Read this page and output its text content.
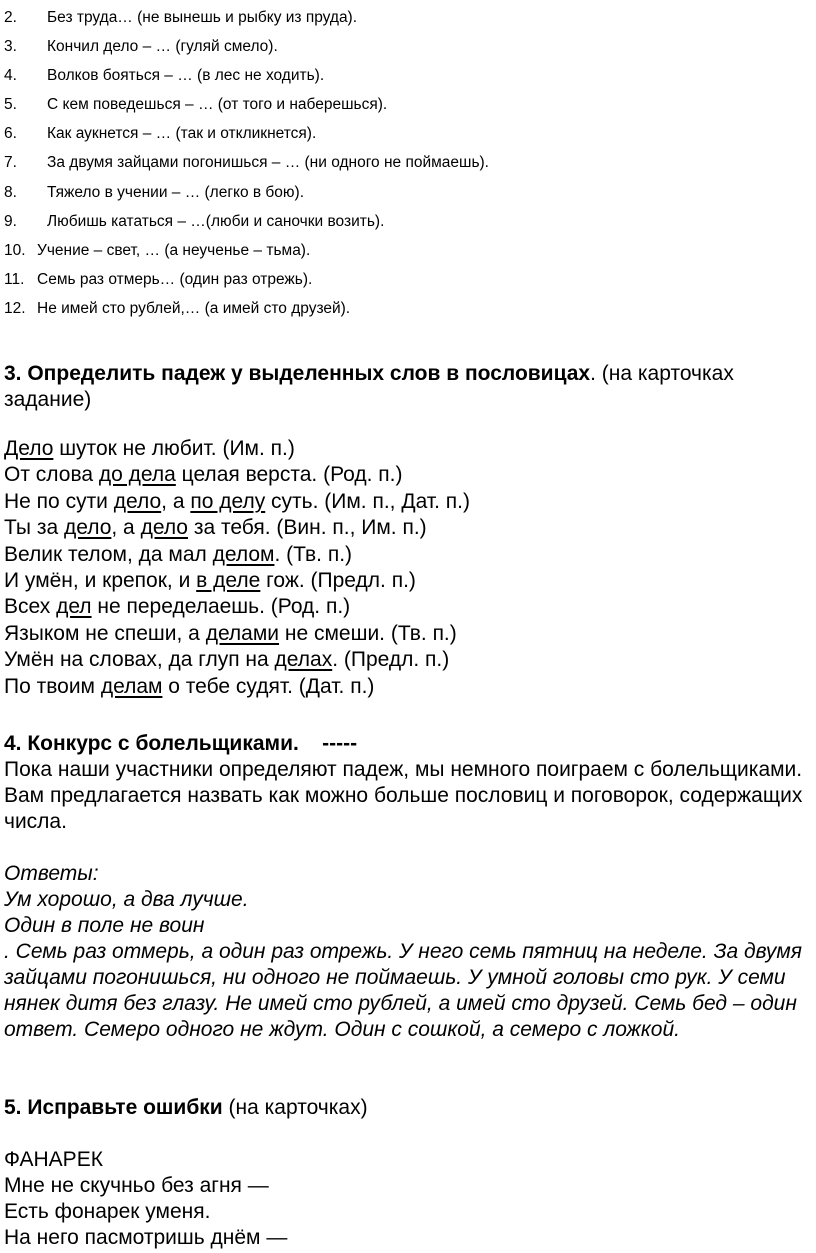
2. Без труда… (не вынешь и рыбку из пруда).
3. Кончил дело – … (гуляй смело).
4. Волков бояться – … (в лес не ходить).
5. С кем поведешься – … (от того и наберешься).
6. Как аукнется – … (так и откликнется).
7. За двумя зайцами погонишься – … (ни одного не поймаешь).
8. Тяжело в учении – … (легко в бою).
9. Любишь кататься – …(люби и саночки возить).
10. Учение – свет, … (а неученье – тьма).
11. Семь раз отмерь… (один раз отрежь).
12. Не имей сто рублей,… (а имей сто друзей).
3. Определить падеж у выделенных слов в пословицах. (на карточках задание)
Дело шуток не любит. (Им. п.)
От слова до дела целая верста. (Род. п.)
Не по сути дело, а по делу суть. (Им. п., Дат. п.)
Ты за дело, а дело за тебя. (Вин. п., Им. п.)
Велик телом, да мал делом. (Тв. п.)
И умён, и крепок, и в деле гож. (Предл. п.)
Всех дел не переделаешь. (Род. п.)
Языком не спеши, а делами не смеши. (Тв. п.)
Умён на словах, да глуп на делах. (Предл. п.)
По твоим делам о тебе судят. (Дат. п.)
4. Конкурс с болельщиками.    -----
Пока наши участники определяют падеж, мы немного поиграем с болельщиками. Вам предлагается назвать как можно больше пословиц и поговорок, содержащих числа.
Ответы:
Ум хорошо, а два лучше.
Один в поле не воин
. Семь раз отмерь, а один раз отрежь. У него семь пятниц на неделе. За двумя зайцами погонишься, ни одного не поймаешь. У умной головы сто рук. У семи нянек дитя без глазу. Не имей сто рублей, а имей сто друзей. Семь бед – один ответ. Семеро одного не ждут. Один с сошкой, а семеро с ложкой.
5. Исправьте ошибки (на карточках)
ФАНАРЕК
Мне не скучньо без агня —
Есть фонарек уменя.
На него пасмотришь днём —
